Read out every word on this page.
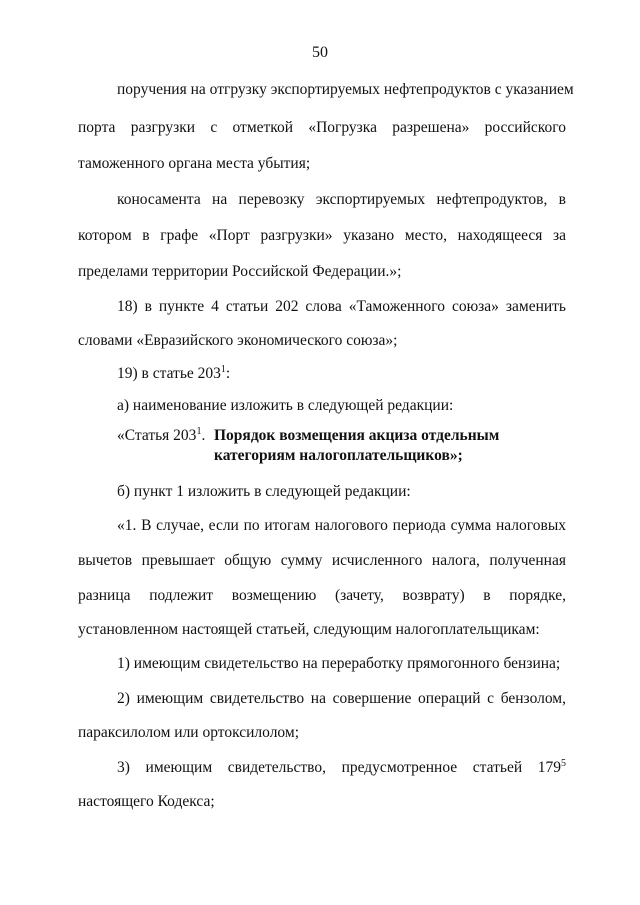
50
поручения на отгрузку экспортируемых нефтепродуктов с указанием
порта разгрузки с отметкой «Погрузка разрешена» российского
таможенного органа места убытия;
коносамента на перевозку экспортируемых нефтепродуктов, в
котором в графе «Порт разгрузки» указано место, находящееся за
пределами территории Российской Федерации.»;
18) в пункте 4 статьи 202 слова «Таможенного союза» заменить
словами «Евразийского экономического союза»;
19) в статье $203^1$:
а) наименование изложить в следующей редакции:
«Статья $203^1$. Порядок возмещения акциза отдельным
категориям налогоплательщиков»;
б) пункт 1 изложить в следующей редакции:
«1. В случае, если по итогам налогового периода сумма налоговых
вычетов превышает общую сумму исчисленного налога, полученная
разница подлежит возмещению (зачету, возврату) в порядке,
установленном настоящей статьей, следующим налогоплательщикам:
1) имеющим свидетельство на переработку прямогонного бензина;
2) имеющим свидетельство на совершение операций с бензолом,
параксилолом или ортоксилолом;
3) имеющим свидетельство, предусмотренное статьей $179^5$
настоящего Кодекса;
